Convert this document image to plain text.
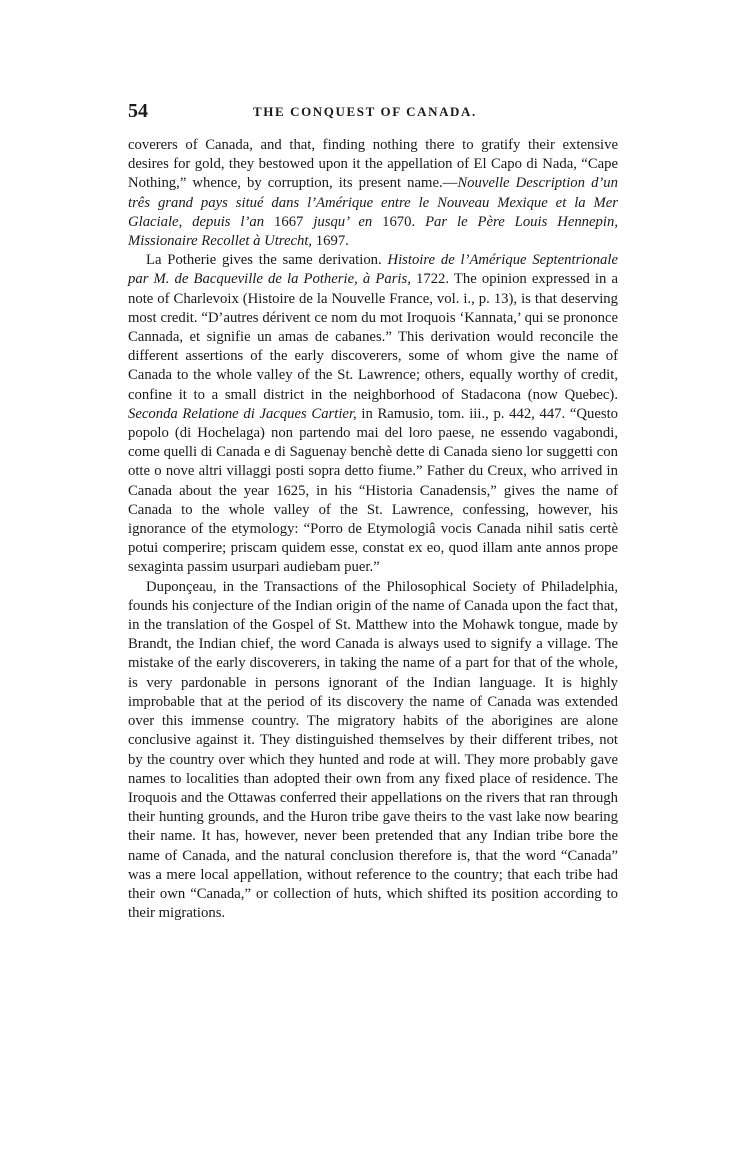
54	THE CONQUEST OF CANADA.

coverers of Canada, and that, finding nothing there to gratify their extensive desires for gold, they bestowed upon it the appellation of El Capo di Nada, “Cape Nothing,” whence, by corruption, its present name.—Nouvelle Description d’un três grand pays situé dans l’Amérique entre le Nouveau Mexique et la Mer Glaciale, depuis l’an 1667 jusqu’ en 1670. Par le Père Louis Hennepin, Missionaire Recollet à Utrecht, 1697.

La Potherie gives the same derivation. Histoire de l’Amérique Septentrionale par M. de Bacqueville de la Potherie, à Paris, 1722. The opinion expressed in a note of Charlevoix (Histoire de la Nouvelle France, vol. i., p. 13), is that deserving most credit. “D’autres dérivent ce nom du mot Iroquois ‘Kannata,’ qui se prononce Cannada, et signifie un amas de cabanes.” This derivation would reconcile the different assertions of the early discoverers, some of whom give the name of Canada to the whole valley of the St. Lawrence; others, equally worthy of credit, confine it to a small district in the neighborhood of Stadacona (now Quebec). Seconda Relatione di Jacques Cartier, in Ramusio, tom. iii., p. 442, 447. “Questo popolo (di Hochelaga) non partendo mai del loro paese, ne essendo vagabondi, come quelli di Canada e di Saguenay benchè dette di Canada sieno lor suggetti con otte o nove altri villaggi posti sopra detto fiume.” Father du Creux, who arrived in Canada about the year 1625, in his “Historia Canadensis,” gives the name of Canada to the whole valley of the St. Lawrence, confessing, however, his ignorance of the etymology: “Porro de Etymologiâ vocis Canada nihil satis certè potui comperire; priscam quidem esse, constat ex eo, quod illam ante annos prope sexaginta passim usurpari audiebam puer.”

Duponçeau, in the Transactions of the Philosophical Society of Philadelphia, founds his conjecture of the Indian origin of the name of Canada upon the fact that, in the translation of the Gospel of St. Matthew into the Mohawk tongue, made by Brandt, the Indian chief, the word Canada is always used to signify a village. The mistake of the early discoverers, in taking the name of a part for that of the whole, is very pardonable in persons ignorant of the Indian language. It is highly improbable that at the period of its discovery the name of Canada was extended over this immense country. The migratory habits of the aborigines are alone conclusive against it. They distinguished themselves by their different tribes, not by the country over which they hunted and rode at will. They more probably gave names to localities than adopted their own from any fixed place of residence. The Iroquois and the Ottawas conferred their appellations on the rivers that ran through their hunting grounds, and the Huron tribe gave theirs to the vast lake now bearing their name. It has, however, never been pretended that any Indian tribe bore the name of Canada, and the natural conclusion therefore is, that the word “Canada” was a mere local appellation, without reference to the country; that each tribe had their own “Canada,” or collection of huts, which shifted its position according to their migrations.
